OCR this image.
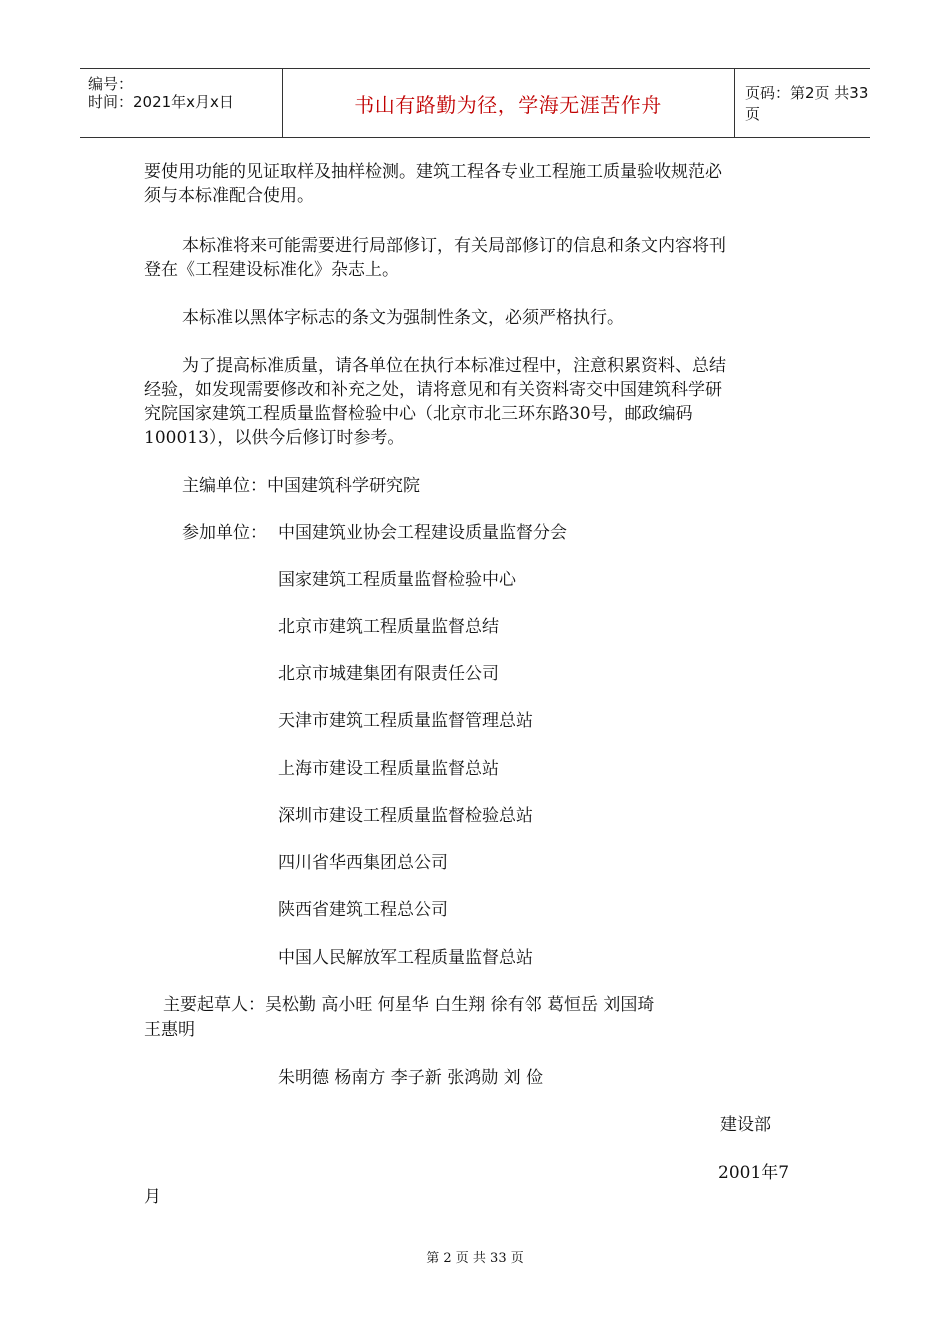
编号：
时间：2021年x月x日	书山有路勤为径，学海无涯苦作舟	页码：第2页 共33页
要使用功能的见证取样及抽样检测。建筑工程各专业工程施工质量验收规范必
须与本标准配合使用。
本标准将来可能需要进行局部修订，有关局部修订的信息和条文内容将刊
登在《工程建设标准化》杂志上。
本标准以黑体字标志的条文为强制性条文，必须严格执行。
为了提高标准质量，请各单位在执行本标准过程中，注意积累资料、总结
经验，如发现需要修改和补充之处，请将意见和有关资料寄交中国建筑科学研
究院国家建筑工程质量监督检验中心（北京市北三环东路30号，邮政编码
100013），以供今后修订时参考。
主编单位：中国建筑科学研究院
参加单位： 中国建筑业协会工程建设质量监督分会
国家建筑工程质量监督检验中心
北京市建筑工程质量监督总结
北京市城建集团有限责任公司
天津市建筑工程质量监督管理总站
上海市建设工程质量监督总站
深圳市建设工程质量监督检验总站
四川省华西集团总公司
陕西省建筑工程总公司
中国人民解放军工程质量监督总站
主要起草人：吴松勤 高小旺 何星华 白生翔 徐有邻 葛恒岳 刘国琦
王惠明
朱明德 杨南方 李子新 张鸿勋 刘 俭
建设部
2001年7
月
第 2 页 共 33 页
